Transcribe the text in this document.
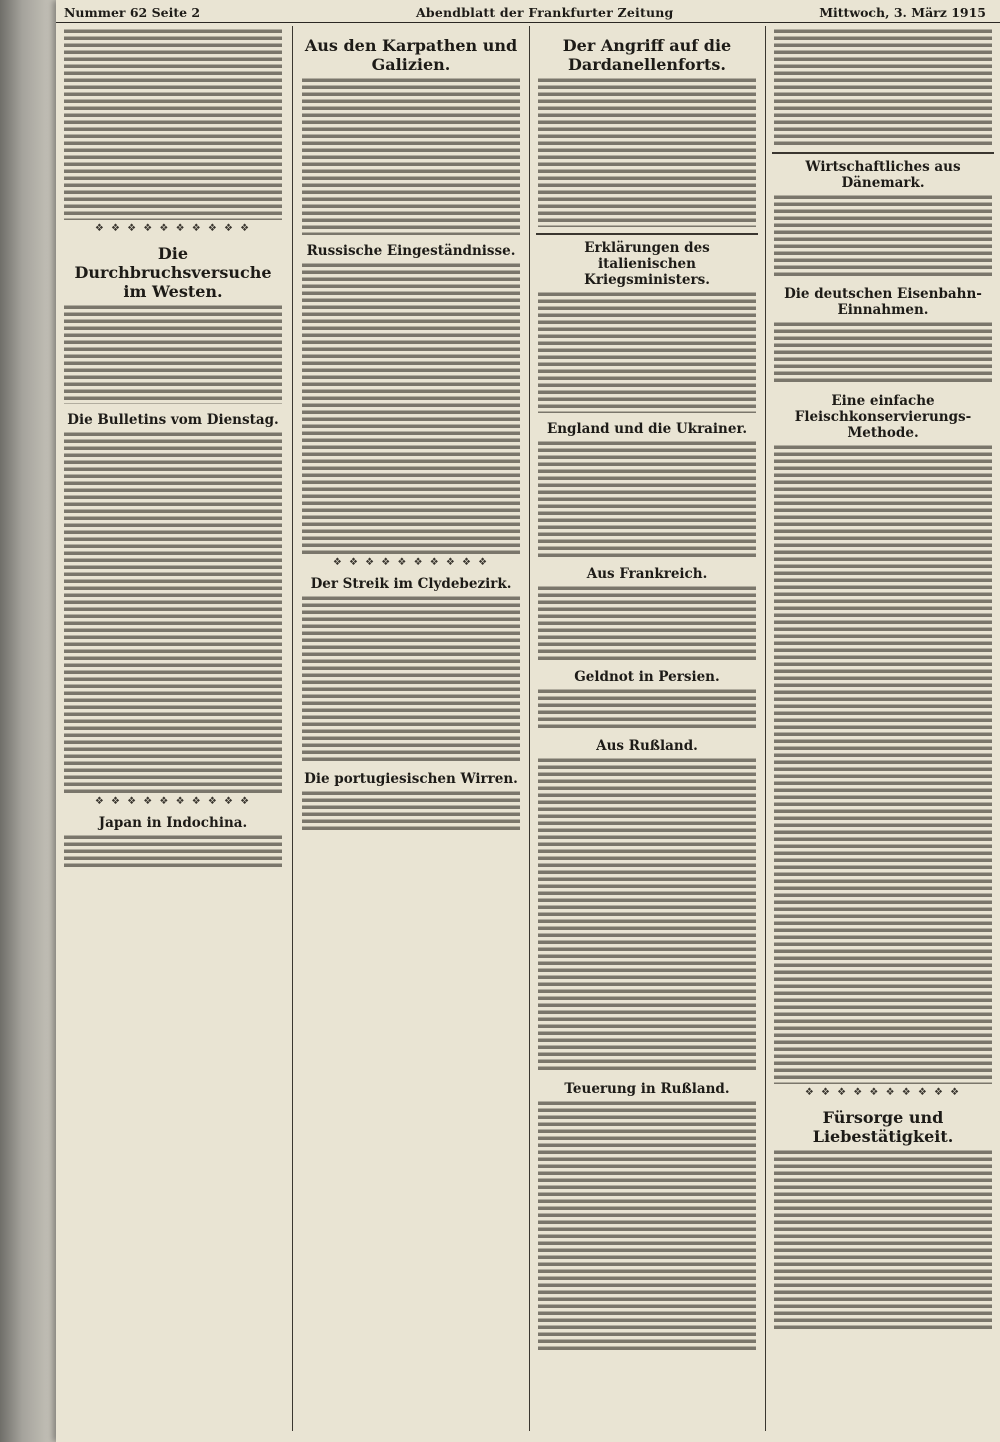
Nummer 62 Seite 2	Abendblatt der Frankfurter Zeitung	Mittwoch, 3. März 1915
❖ ❖ ❖ ❖ ❖ ❖ ❖ ❖ ❖ ❖
Die Durchbruchsversuche im Westen.
Die Bulletins vom Dienstag.
❖ ❖ ❖ ❖ ❖ ❖ ❖ ❖ ❖ ❖
Japan in Indochina.
Aus den Karpathen und Galizien.
Russische Eingeständnisse.
❖ ❖ ❖ ❖ ❖ ❖ ❖ ❖ ❖ ❖
Der Streik im Clydebezirk.
Die portugiesischen Wirren.
Der Angriff auf die Dardanellenforts.
Erklärungen des italienischen Kriegsministers.
England und die Ukrainer.
Aus Frankreich.
Geldnot in Persien.
Aus Rußland.
Teuerung in Rußland.
Wirtschaftliches aus Dänemark.
Die deutschen Eisenbahn-Einnahmen.
Eine einfache Fleischkonservierungs-Methode.
❖ ❖ ❖ ❖ ❖ ❖ ❖ ❖ ❖ ❖
Fürsorge und Liebestätigkeit.
